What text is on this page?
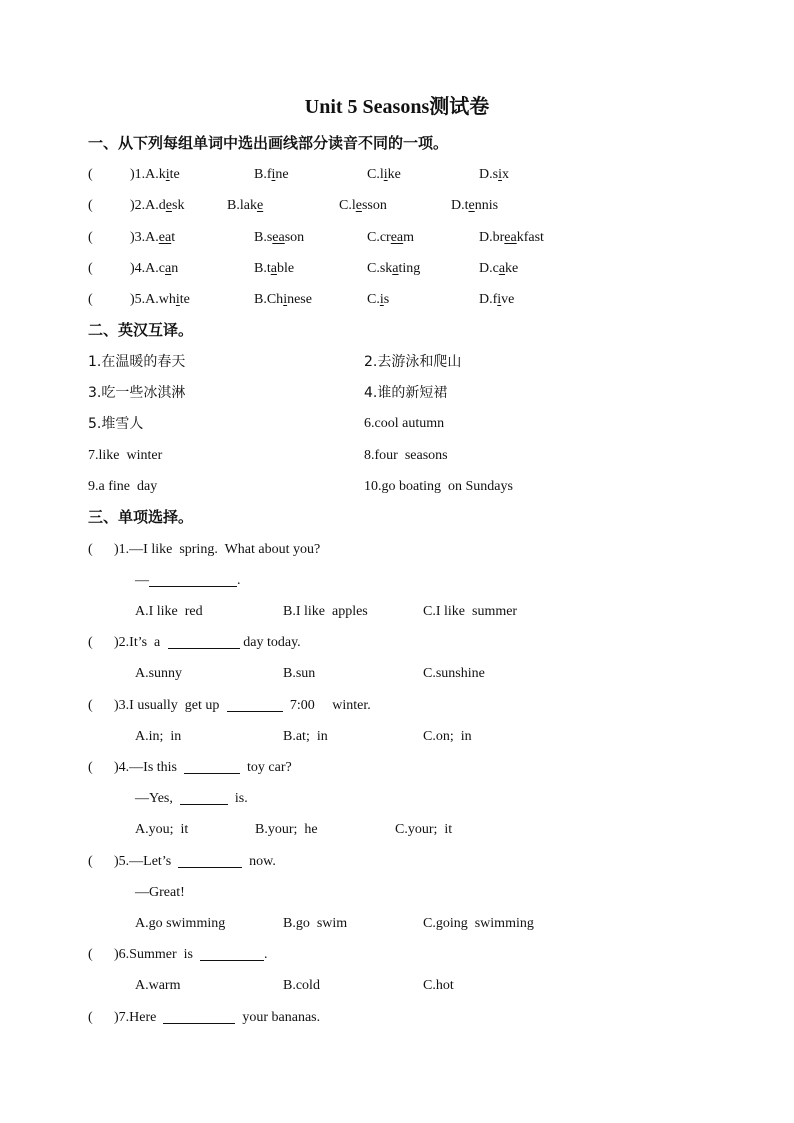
Unit 5 Seasons测试卷
一、从下列每组单词中选出画线部分读音不同的一项。
(	)1.A.kite	B.fine	C.like	D.six
(	)2.A.desk	B.lake	C.lesson	D.tennis
(	)3.A.eat	B.season	C.cream	D.breakfast
(	)4.A.can	B.table	C.skating	D.cake
(	)5.A.white	B.Chinese	C.is	D.five
二、英汉互译。
1.在温暖的春天	2.去游泳和爬山
3.吃一些冰淇淋	4.谁的新短裙
5.堆雪人	6.cool autumn
7.like  winter	8.four  seasons
9.a fine  day	10.go boating  on Sundays
三、单项选择。
( )1.—I like  spring.  What about you?
—	.
A.I like  red	B.I like  apples	C.I like  summer
( )2.It’s  a	day today.
A.sunny	B.sun	C.sunshine
( )3.I usually  get up	7:00     winter.
A.in;  in	B.at;  in	C.on;  in
( )4.—Is this	toy car?
—Yes,	is.
A.you;  it	B.your;  he	C.your;  it
( )5.—Let’s	now.
—Great!
A.go swimming	B.go  swim	C.going  swimming
( )6.Summer  is	.
A.warm	B.cold	C.hot
( )7.Here	your bananas.
